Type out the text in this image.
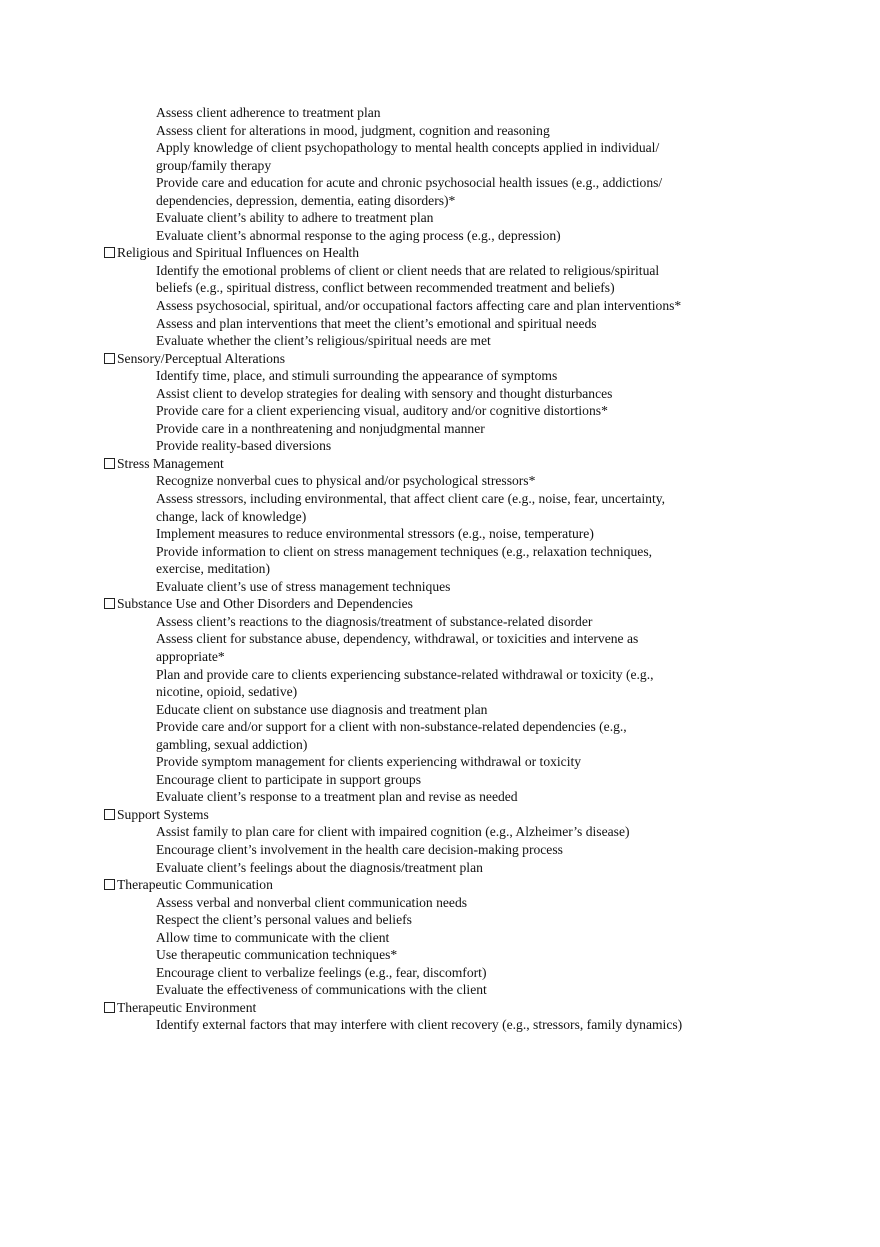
Assess client adherence to treatment plan
Assess client for alterations in mood, judgment, cognition and reasoning
Apply knowledge of client psychopathology to mental health concepts applied in individual/
group/family therapy
Provide care and education for acute and chronic psychosocial health issues (e.g., addictions/
dependencies, depression, dementia, eating disorders)*
Evaluate client’s ability to adhere to treatment plan
Evaluate client’s abnormal response to the aging process (e.g., depression)
Religious and Spiritual Influences on Health
Identify the emotional problems of client or client needs that are related to religious/spiritual
beliefs (e.g., spiritual distress, conflict between recommended treatment and beliefs)
Assess psychosocial, spiritual, and/or occupational factors affecting care and plan interventions*
Assess and plan interventions that meet the client’s emotional and spiritual needs
Evaluate whether the client’s religious/spiritual needs are met
Sensory/Perceptual Alterations
Identify time, place, and stimuli surrounding the appearance of symptoms
Assist client to develop strategies for dealing with sensory and thought disturbances
Provide care for a client experiencing visual, auditory and/or cognitive distortions*
Provide care in a nonthreatening and nonjudgmental manner
Provide reality-based diversions
Stress Management
Recognize nonverbal cues to physical and/or psychological stressors*
Assess stressors, including environmental, that affect client care (e.g., noise, fear, uncertainty,
change, lack of knowledge)
Implement measures to reduce environmental stressors (e.g., noise, temperature)
Provide information to client on stress management techniques (e.g., relaxation techniques,
exercise, meditation)
Evaluate client’s use of stress management techniques
Substance Use and Other Disorders and Dependencies
Assess client’s reactions to the diagnosis/treatment of substance-related disorder
Assess client for substance abuse, dependency, withdrawal, or toxicities and intervene as
appropriate*
Plan and provide care to clients experiencing substance-related withdrawal or toxicity (e.g.,
nicotine, opioid, sedative)
Educate client on substance use diagnosis and treatment plan
Provide care and/or support for a client with non-substance-related dependencies (e.g.,
gambling, sexual addiction)
Provide symptom management for clients experiencing withdrawal or toxicity
Encourage client to participate in support groups
Evaluate client’s response to a treatment plan and revise as needed
Support Systems
Assist family to plan care for client with impaired cognition (e.g., Alzheimer’s disease)
Encourage client’s involvement in the health care decision-making process
Evaluate client’s feelings about the diagnosis/treatment plan
Therapeutic Communication
Assess verbal and nonverbal client communication needs
Respect the client’s personal values and beliefs
Allow time to communicate with the client
Use therapeutic communication techniques*
Encourage client to verbalize feelings (e.g., fear, discomfort)
Evaluate the effectiveness of communications with the client
Therapeutic Environment
Identify external factors that may interfere with client recovery (e.g., stressors, family dynamics)
